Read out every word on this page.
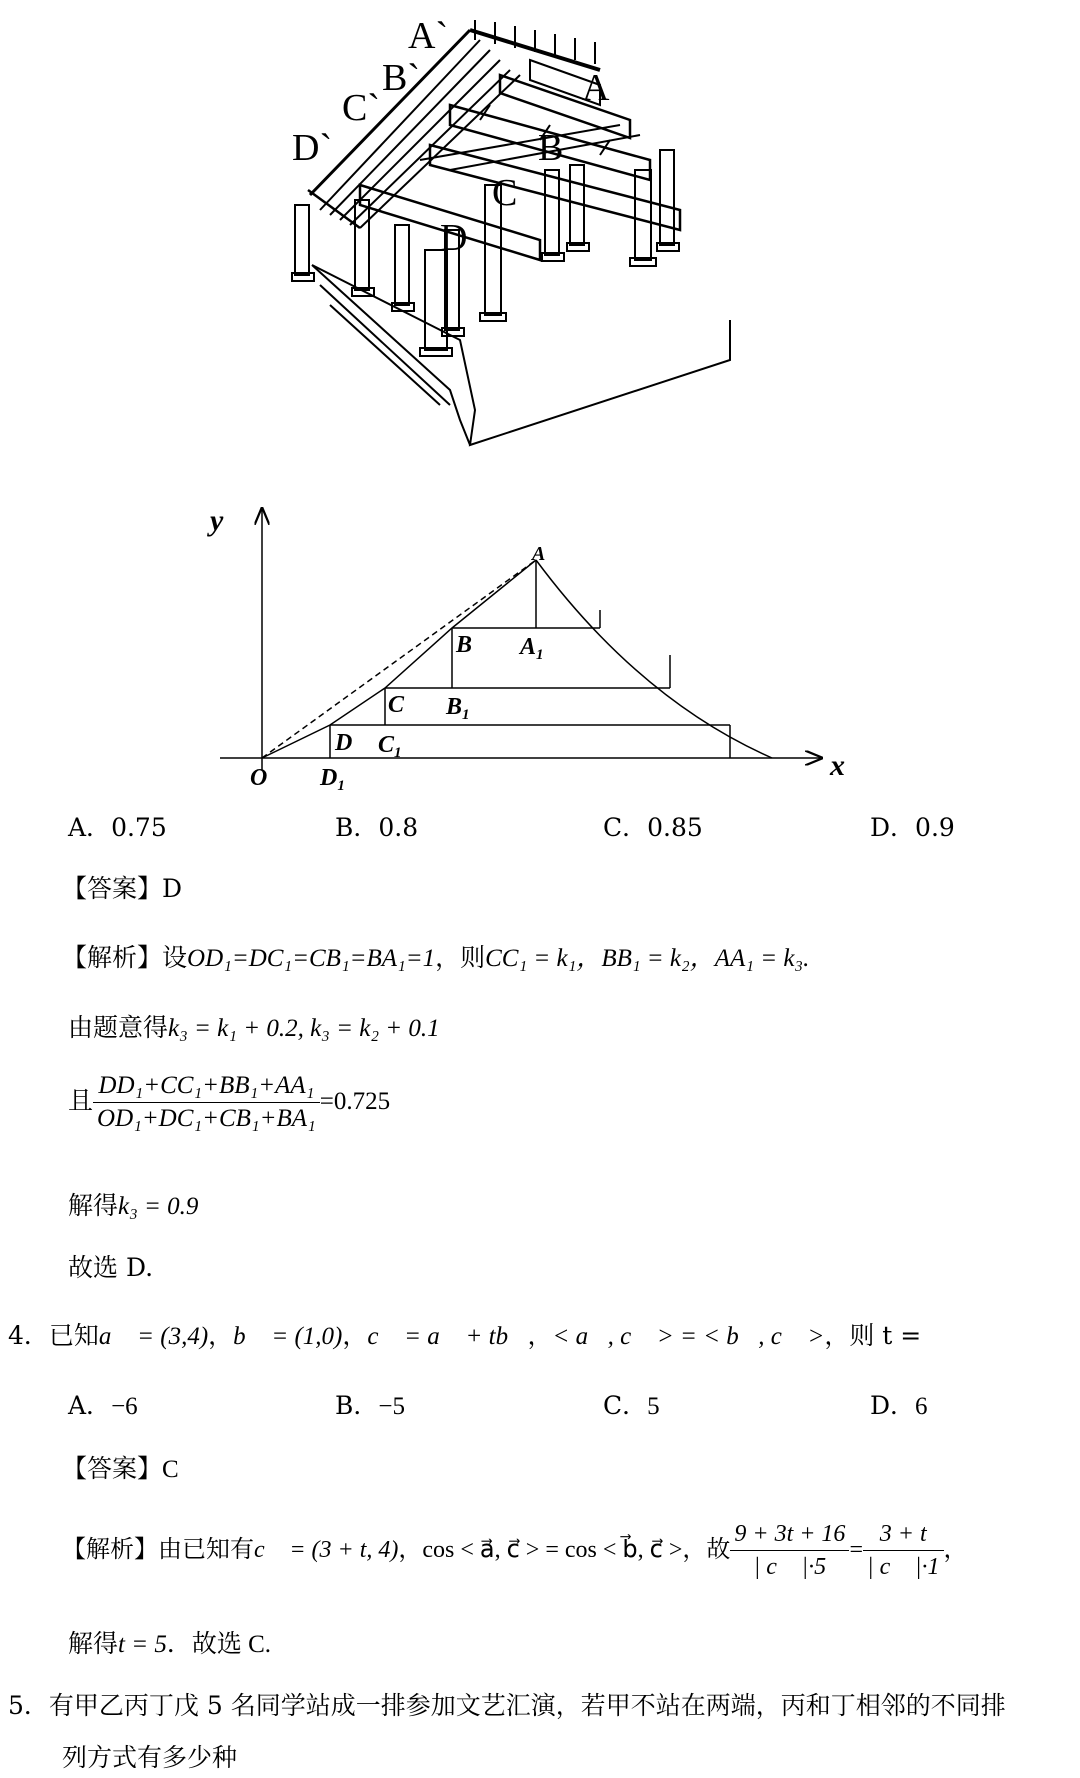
A`
B`
C`
D`
A
B
C
D
y
x
O
A
B
C
D
$A_1$
$B_1$
$C_1$
$D_1$
A．0.75	B．0.8	C．0.85	D．0.9
【答案】D
【解析】设OD₁=DC₁=CB₁=BA₁=1，则CC₁ = k₁，BB₁ = k₂，AA₁ = k₃.
由题意得k₃ = k₁ + 0.2, k₃ = k₂ + 0.1
且 $\frac{\text{DD₁+CC₁+BB₁+AA₁}}{\text{OD₁+DC₁+CB₁+BA₁}} =0.725$
解得k₃ = 0.9
故选 D.
4．已知a⃗ = (3,4)，b⃗ = (1,0)，c⃗ = a⃗ + tb⃗，< a⃗, c⃗ > = < b⃗, c⃗ >，则 t =
A．−6	B．−5	C．5	D．6
【答案】C
【解析】由已知有c⃗ = (3 + t, 4)，cos < a⃗, c⃗ > = cos < b⃗, c⃗ >，故 $\frac{9 + 3t + 16}{| c⃗ |\cdot 5} = \frac{3 + t}{| c⃗ |\cdot 1}$ ，
解得t = 5．故选 C.
5．有甲乙丙丁戊 5 名同学站成一排参加文艺汇演，若甲不站在两端，丙和丁相邻的不同排
列方式有多少种
